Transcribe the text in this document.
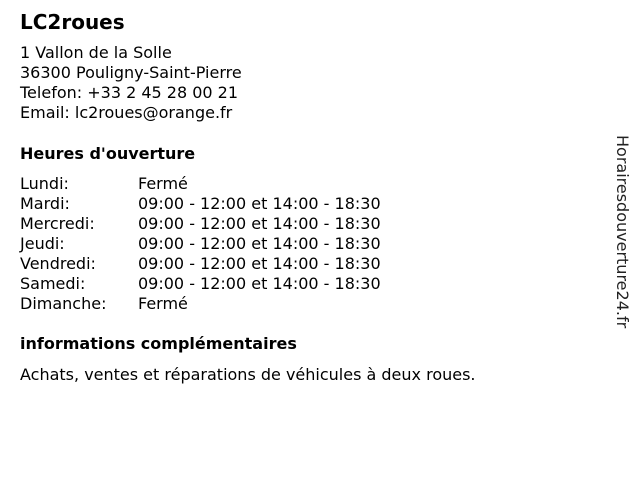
LC2roues
1 Vallon de la Solle
36300 Pouligny-Saint-Pierre
Telefon: +33 2 45 28 00 21
Email: lc2roues@orange.fr
Heures d'ouverture
Lundi:	Fermé
Mardi:	09:00 - 12:00 et 14:00 - 18:30
Mercredi:	09:00 - 12:00 et 14:00 - 18:30
Jeudi:	09:00 - 12:00 et 14:00 - 18:30
Vendredi:	09:00 - 12:00 et 14:00 - 18:30
Samedi:	09:00 - 12:00 et 14:00 - 18:30
Dimanche:	Fermé
informations complémentaires
Achats, ventes et réparations de véhicules à deux roues.
Horairesdouverture24.fr
